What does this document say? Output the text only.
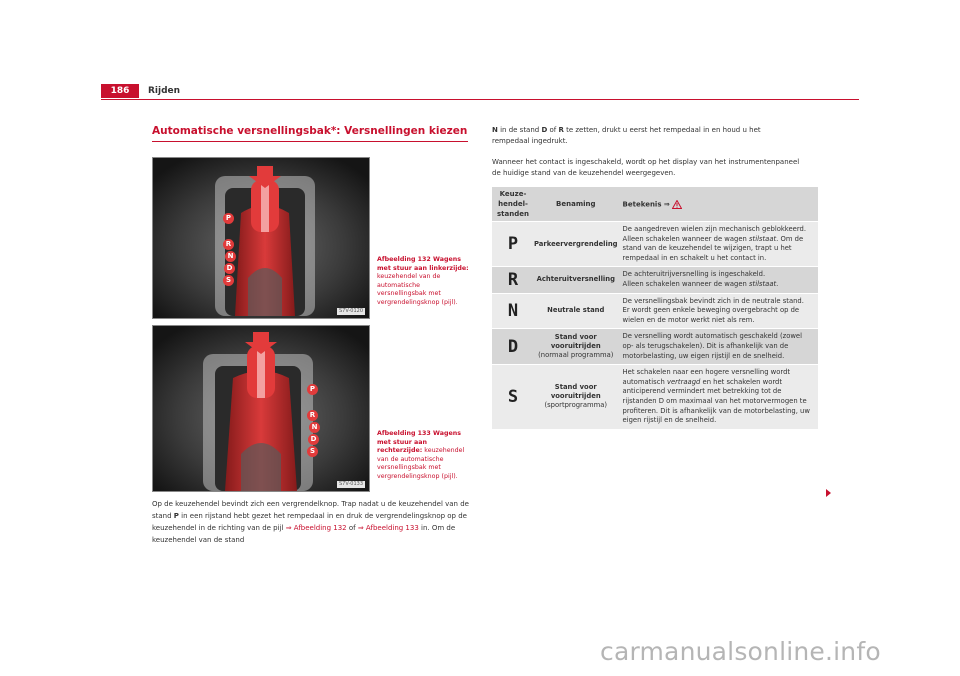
186	Rijden
Automatische versnellingsbak*: Versnellingen kiezen
P
R
N
D
S
S7V-0120
Afbeelding 132 Wagens met stuur aan linkerzijde: keuzehendel van de automatische versnellingsbak met vergrendelingsknop (pijl).
P
R
N
D
S
S7V-0133
Afbeelding 133 Wagens met stuur aan rechterzijde: keuzehendel van de automatische versnellingsbak met vergrendelingsknop (pijl).
Op de keuzehendel bevindt zich een vergrendelknop. Trap nadat u de keuzehendel van de stand P in een rijstand hebt gezet het rempedaal in en druk de vergrendelingsknop op de keuzehendel in de richting van de pijl ⇒ Afbeelding 132 of ⇒ Afbeelding 133 in. Om de keuzehendel van de stand
N in de stand D of R te zetten, drukt u eerst het rempedaal in en houd u het rempedaal ingedrukt.
Wanneer het contact is ingeschakeld, wordt op het display van het instrumentenpaneel de huidige stand van de keuzehendel weergegeven.
Keuze-hendel-standen	Benaming	Betekenis ⇒
P	Parkeervergrendeling	De aangedreven wielen zijn mechanisch geblokkeerd.
Alleen schakelen wanneer de wagen stilstaat. Om de stand van de keuzehendel te wijzigen, trapt u het rempedaal in en schakelt u het contact in.
R	Achteruitversnelling	De achteruitrijversnelling is ingeschakeld.
Alleen schakelen wanneer de wagen stilstaat.
N	Neutrale stand	De versnellingsbak bevindt zich in de neutrale stand. Er wordt geen enkele beweging overgebracht op de wielen en de motor werkt niet als rem.
D	Stand voor vooruitrijden
(normaal programma)	De versnelling wordt automatisch geschakeld (zowel op- als terugschakelen). Dit is afhankelijk van de motorbelasting, uw eigen rijstijl en de snelheid.
S	Stand voor vooruitrijden
(sportprogramma)	Het schakelen naar een hogere versnelling wordt automatisch vertraagd en het schakelen wordt anticiperend vermindert met betrekking tot de rijstanden D om maximaal van het motorvermogen te profiteren. Dit is afhankelijk van de motorbelasting, uw eigen rijstijl en de snelheid.
carmanualsonline.info
